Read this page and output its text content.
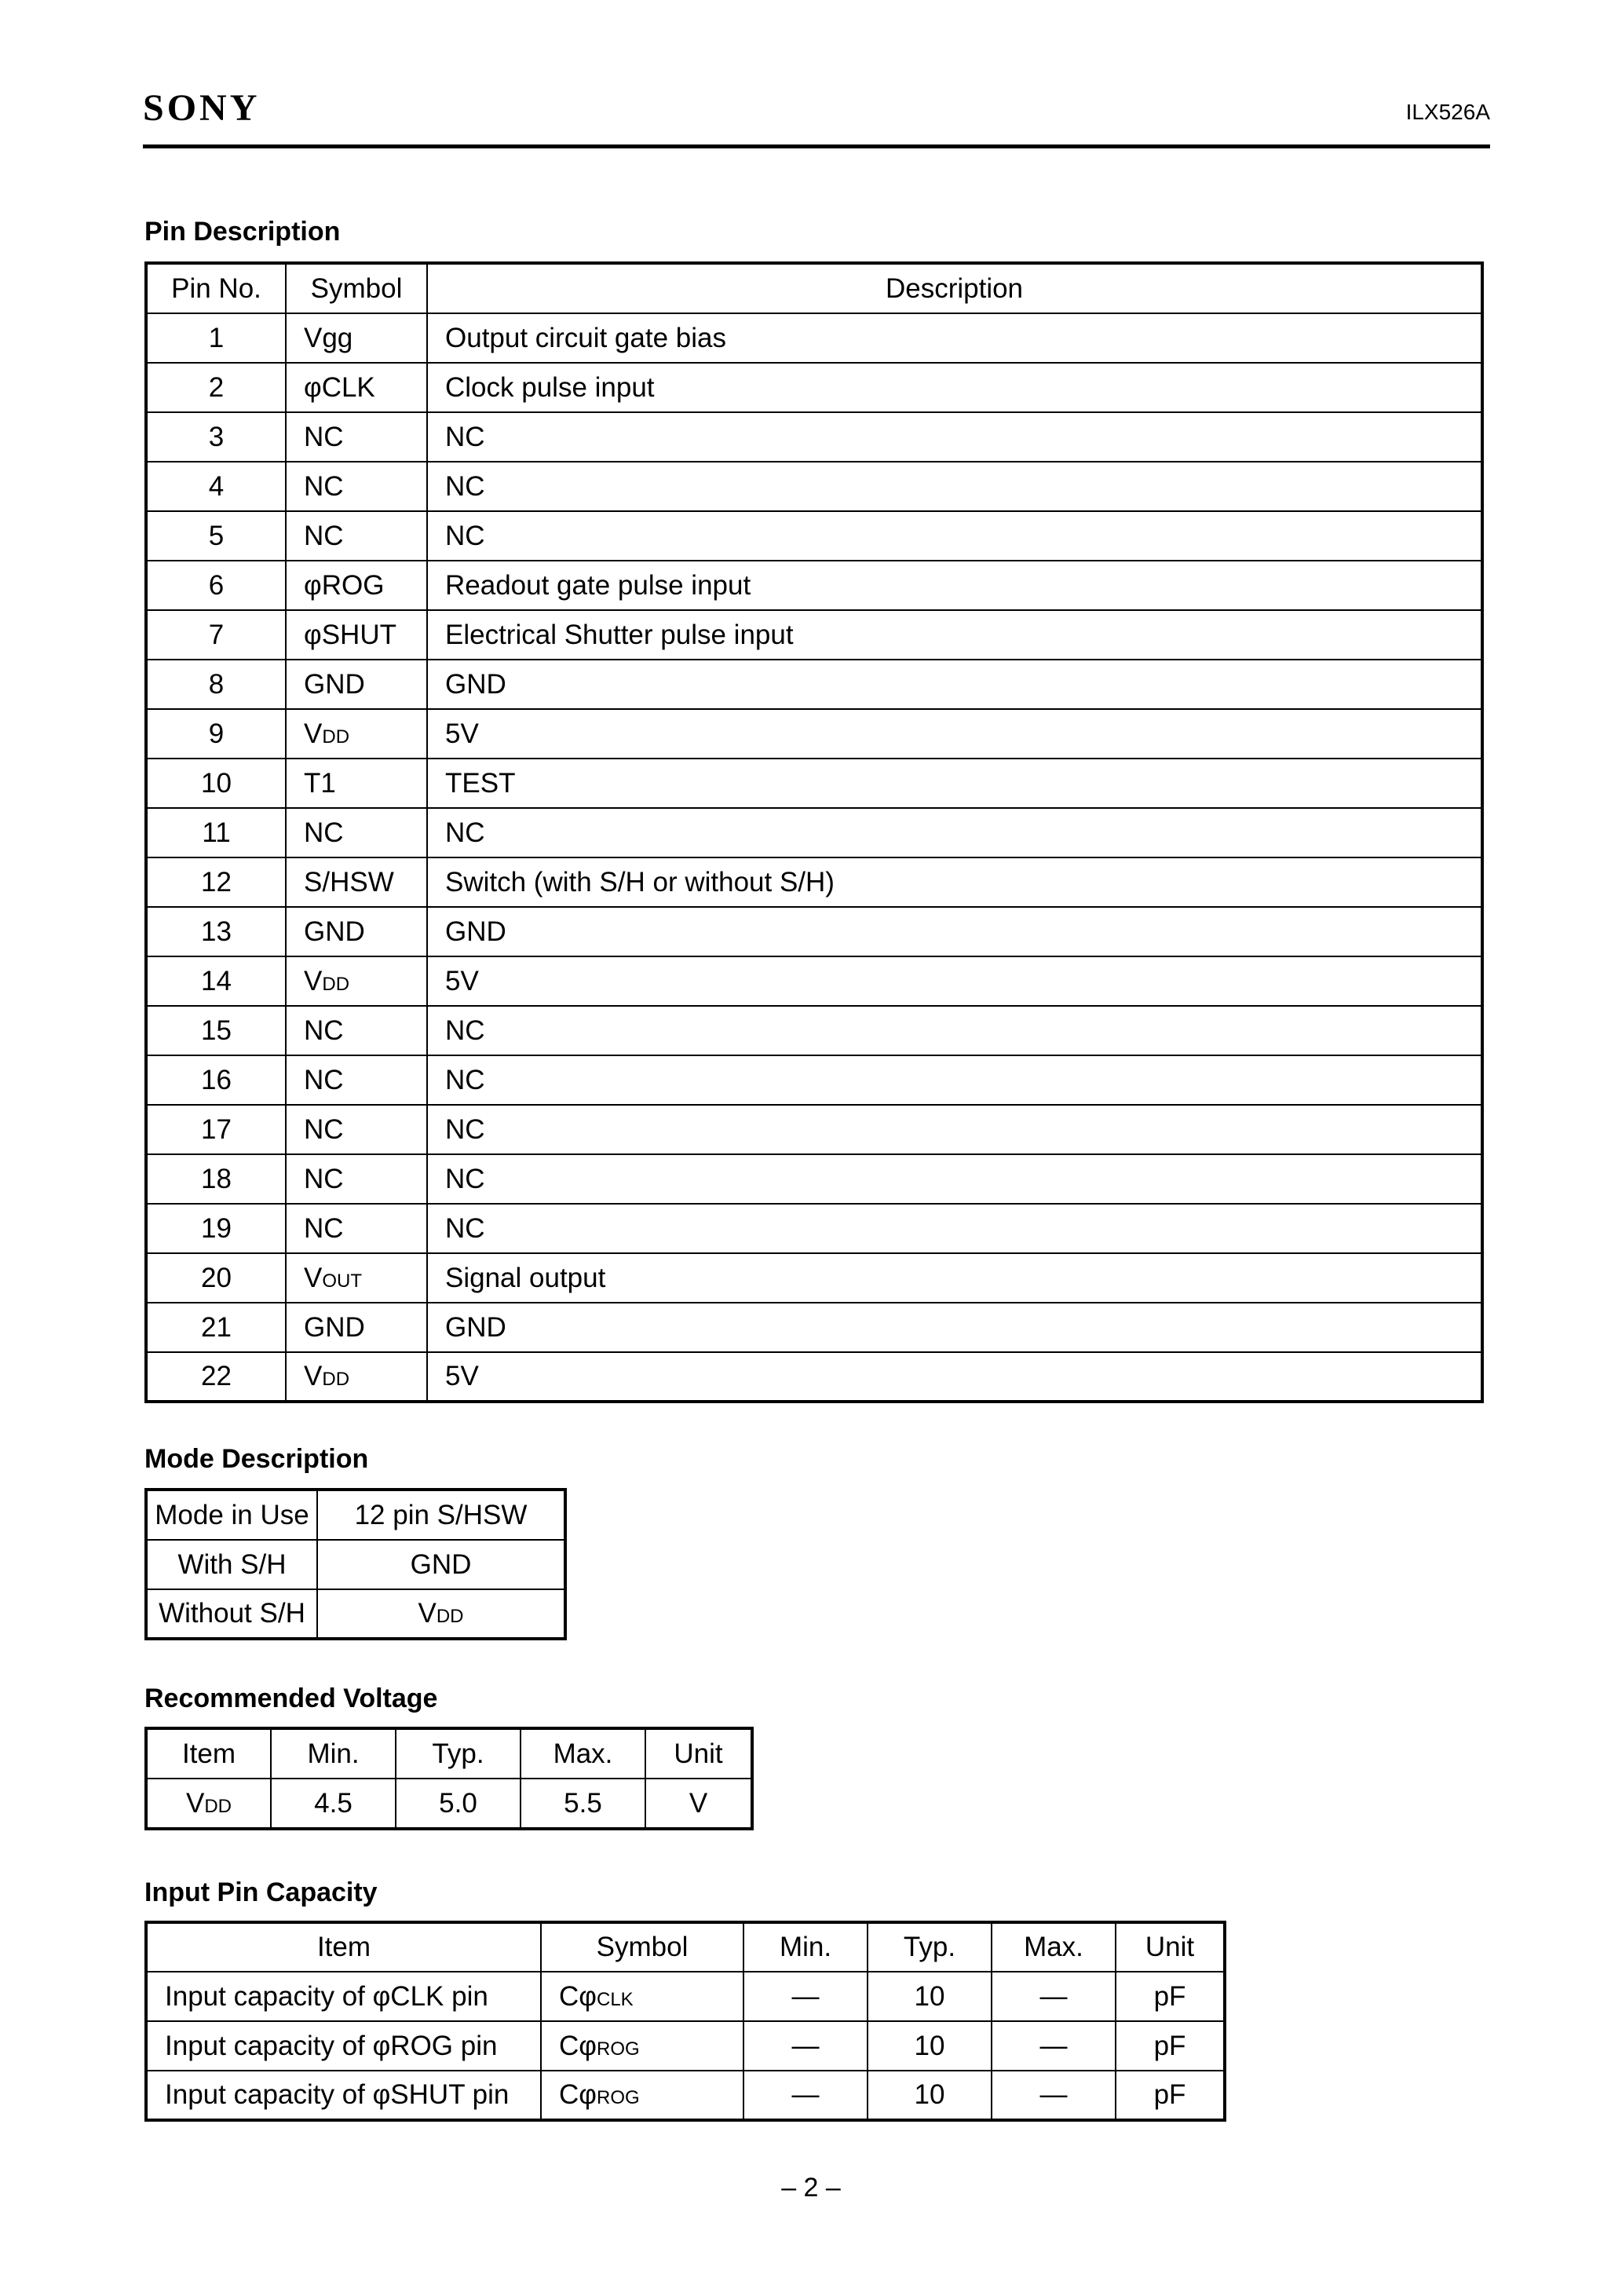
SONY	ILX526A
Pin Description
Pin No.	Symbol	Description
1	Vgg	Output circuit gate bias
2	φCLK	Clock pulse input
3	NC	NC
4	NC	NC
5	NC	NC
6	φROG	Readout gate pulse input
7	φSHUT	Electrical Shutter pulse input
8	GND	GND
9	VDD	5V
10	T1	TEST
11	NC	NC
12	S/HSW	Switch (with S/H or without S/H)
13	GND	GND
14	VDD	5V
15	NC	NC
16	NC	NC
17	NC	NC
18	NC	NC
19	NC	NC
20	VOUT	Signal output
21	GND	GND
22	VDD	5V
Mode Description
Mode in Use	12 pin S/HSW
With S/H	GND
Without S/H	VDD
Recommended Voltage
Item	Min.	Typ.	Max.	Unit
VDD	4.5	5.0	5.5	V
Input Pin Capacity
Item	Symbol	Min.	Typ.	Max.	Unit
Input capacity of φCLK pin	CφCLK	—	10	—	pF
Input capacity of φROG pin	CφROG	—	10	—	pF
Input capacity of φSHUT pin	CφROG	—	10	—	pF
– 2 –
